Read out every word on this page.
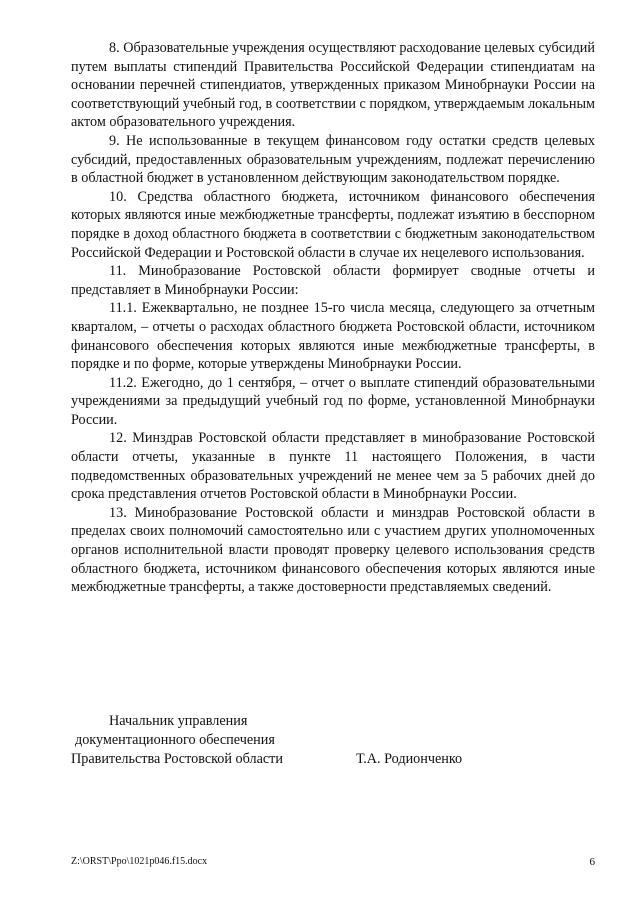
8. Образовательные учреждения осуществляют расходование целевых субсидий путем выплаты стипендий Правительства Российской Федерации стипендиатам на основании перечней стипендиатов, утвержденных приказом Минобрнауки России на соответствующий учебный год, в соответствии с порядком, утверждаемым локальным актом образовательного учреждения.

9. Не использованные в текущем финансовом году остатки средств целевых субсидий, предоставленных образовательным учреждениям, подлежат перечислению в областной бюджет в установленном действующим законодательством порядке.

10. Средства областного бюджета, источником финансового обеспечения которых являются иные межбюджетные трансферты, подлежат изъятию в бесспорном порядке в доход областного бюджета в соответствии с бюджетным законодательством Российской Федерации и Ростовской области в случае их нецелевого использования.

11. Минобразование Ростовской области формирует сводные отчеты и представляет в Минобрнауки России:

11.1. Ежеквартально, не позднее 15-го числа месяца, следующего за отчетным кварталом, – отчеты о расходах областного бюджета Ростовской области, источником финансового обеспечения которых являются иные межбюджетные трансферты, в порядке и по форме, которые утверждены Минобрнауки России.

11.2. Ежегодно, до 1 сентября, – отчет о выплате стипендий образовательными учреждениями за предыдущий учебный год по форме, установленной Минобрнауки России.

12. Минздрав Ростовской области представляет в минобразование Ростовской области отчеты, указанные в пункте 11 настоящего Положения, в части подведомственных образовательных учреждений не менее чем за 5 рабочих дней до срока представления отчетов Ростовской области в Минобрнауки России.

13. Минобразование Ростовской области и минздрав Ростовской области в пределах своих полномочий самостоятельно или с участием других уполномоченных органов исполнительной власти проводят проверку целевого использования средств областного бюджета, источником финансового обеспечения которых являются иные межбюджетные трансферты, а также достоверности представляемых сведений.

Начальник управления
документационного обеспечения
Правительства Ростовской области	Т.А. Родионченко
Z:\ORST\Ppo\1021p046.f15.docx	6
